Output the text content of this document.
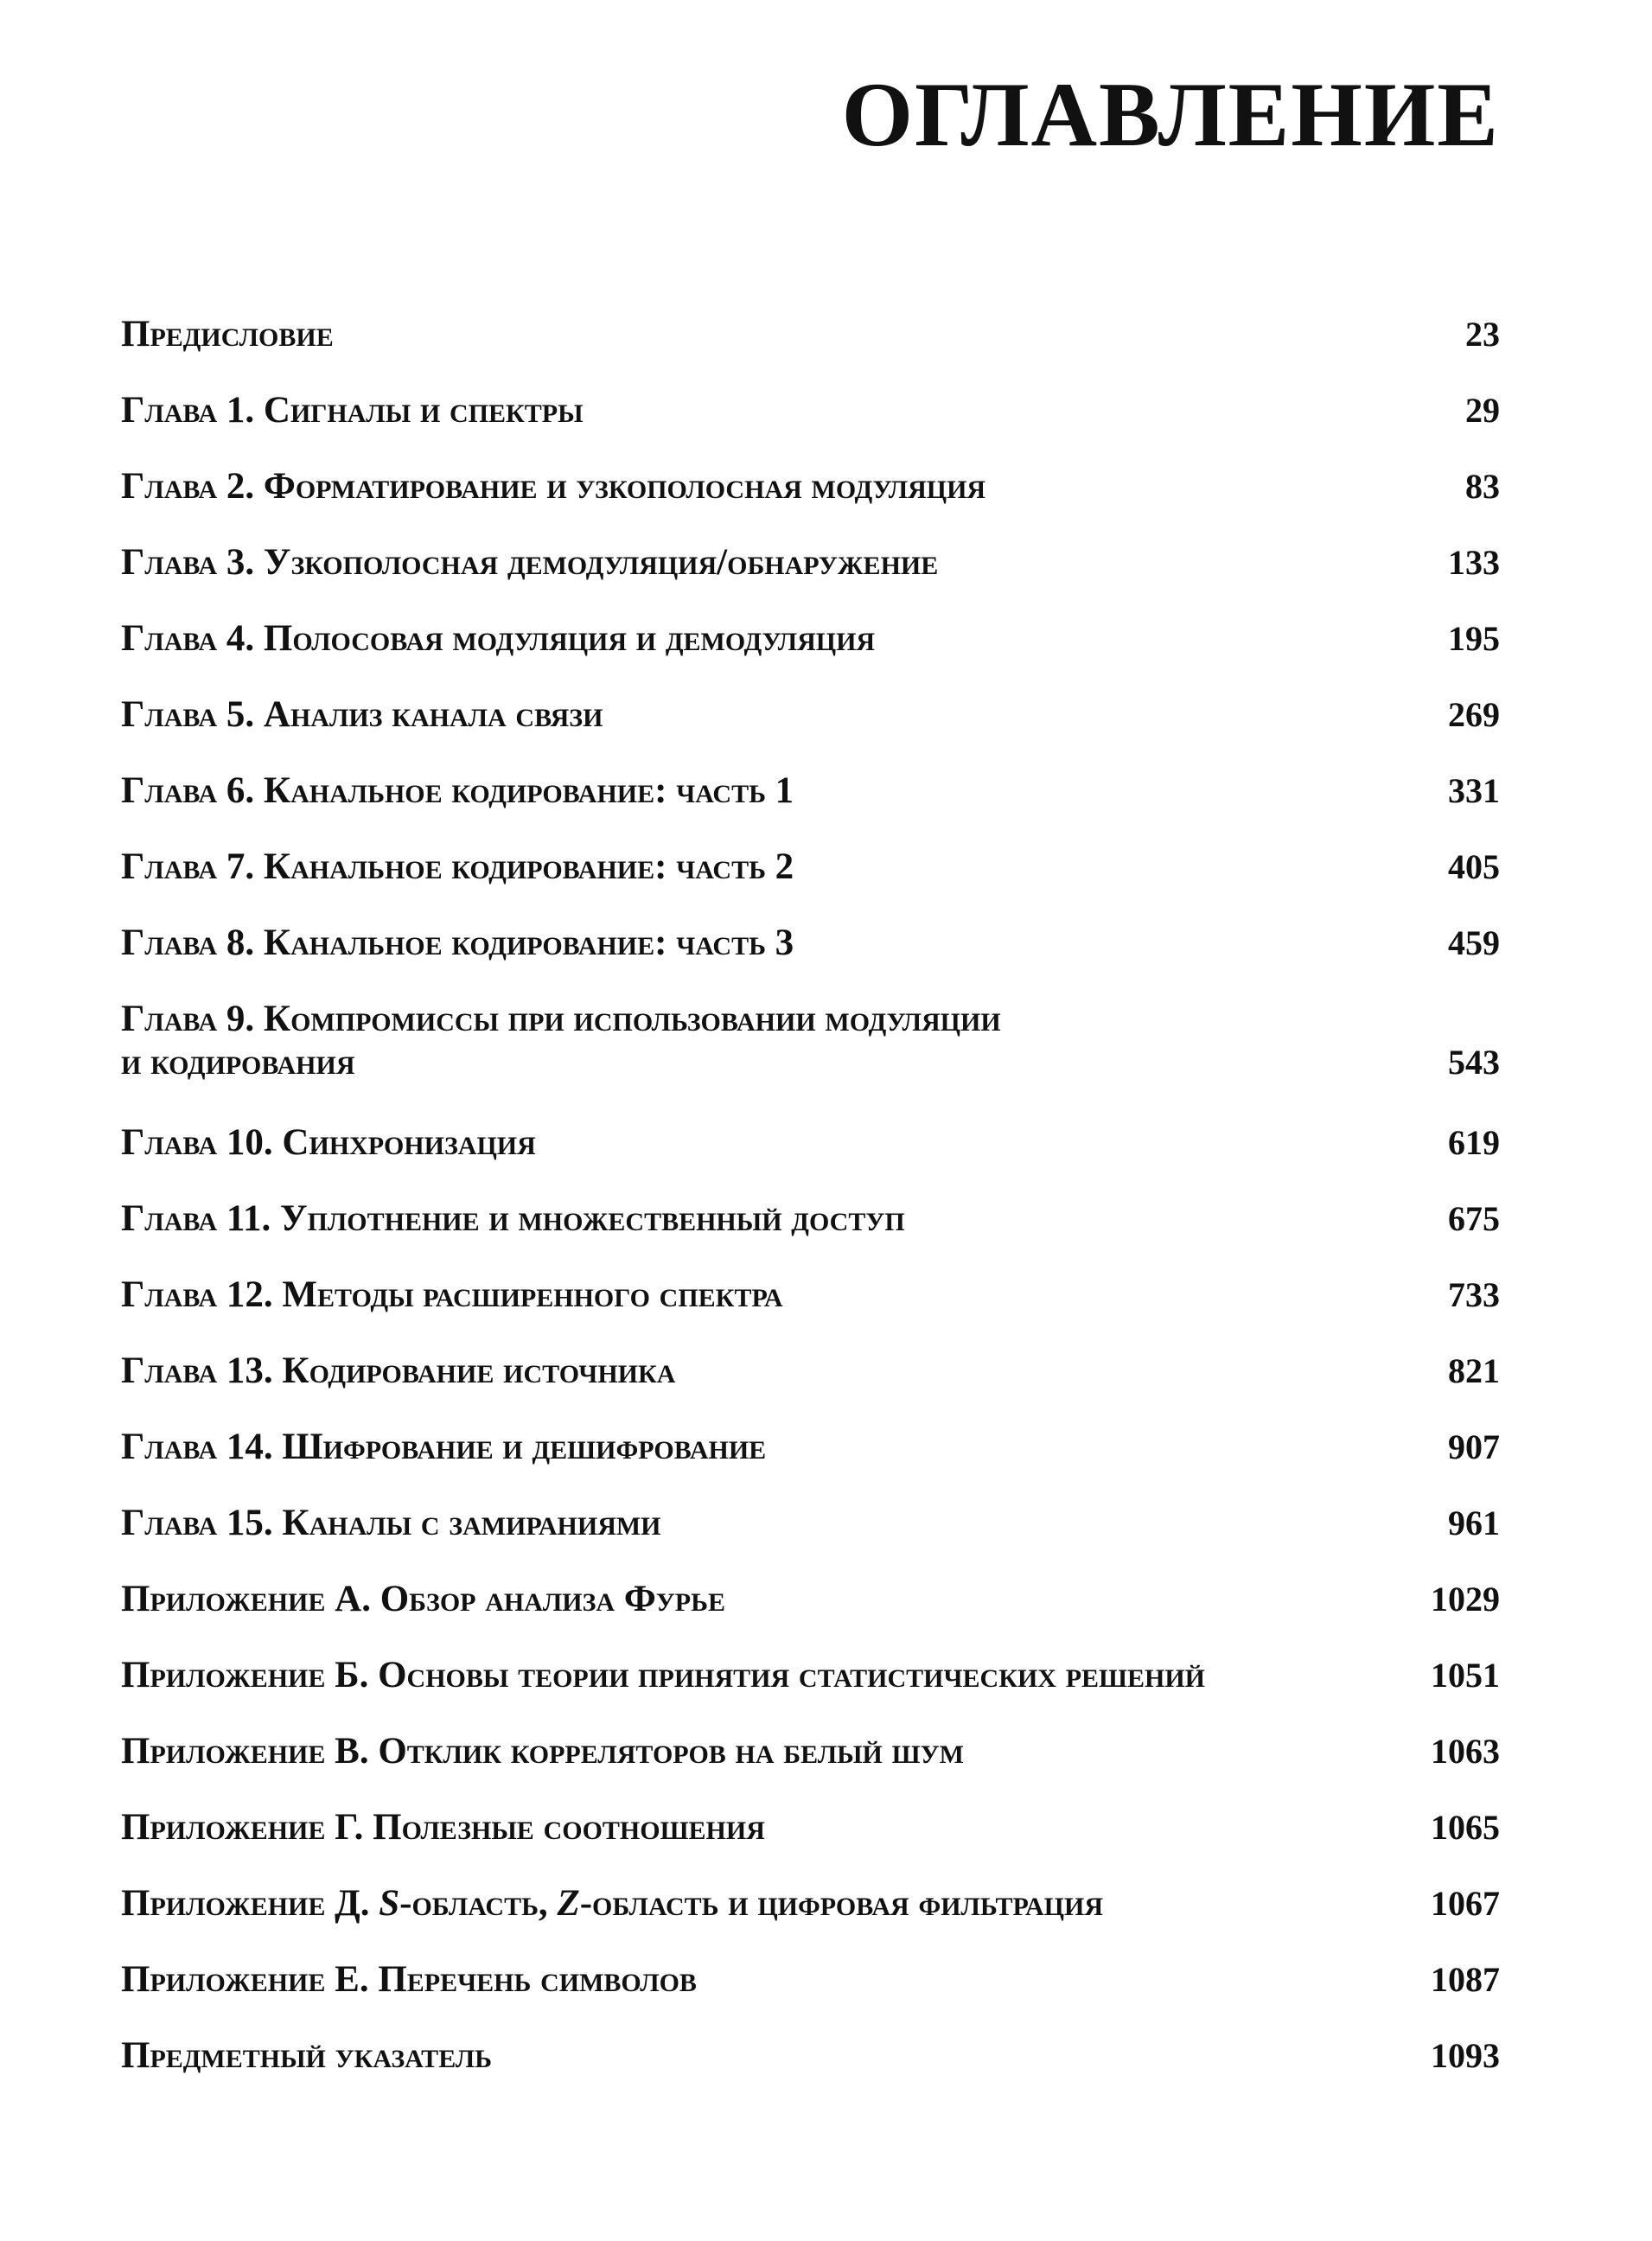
ОГЛАВЛЕНИЕ
Предисловие	23
Глава 1. Сигналы и спектры	29
Глава 2. Форматирование и узкополосная модуляция	83
Глава 3. Узкополосная демодуляция/обнаружение	133
Глава 4. Полосовая модуляция и демодуляция	195
Глава 5. Анализ канала связи	269
Глава 6. Канальное кодирование: часть 1	331
Глава 7. Канальное кодирование: часть 2	405
Глава 8. Канальное кодирование: часть 3	459
Глава 9. Компромиссы при использовании модуляции
и кодирования	543
Глава 10. Синхронизация	619
Глава 11. Уплотнение и множественный доступ	675
Глава 12. Методы расширенного спектра	733
Глава 13. Кодирование источника	821
Глава 14. Шифрование и дешифрование	907
Глава 15. Каналы с замираниями	961
Приложение А. Обзор анализа Фурье	1029
Приложение Б. Основы теории принятия статистических решений	1051
Приложение В. Отклик корреляторов на белый шум	1063
Приложение Г. Полезные соотношения	1065
Приложение Д. S-область, Z-область и цифровая фильтрация	1067
Приложение Е. Перечень символов	1087
Предметный указатель	1093
